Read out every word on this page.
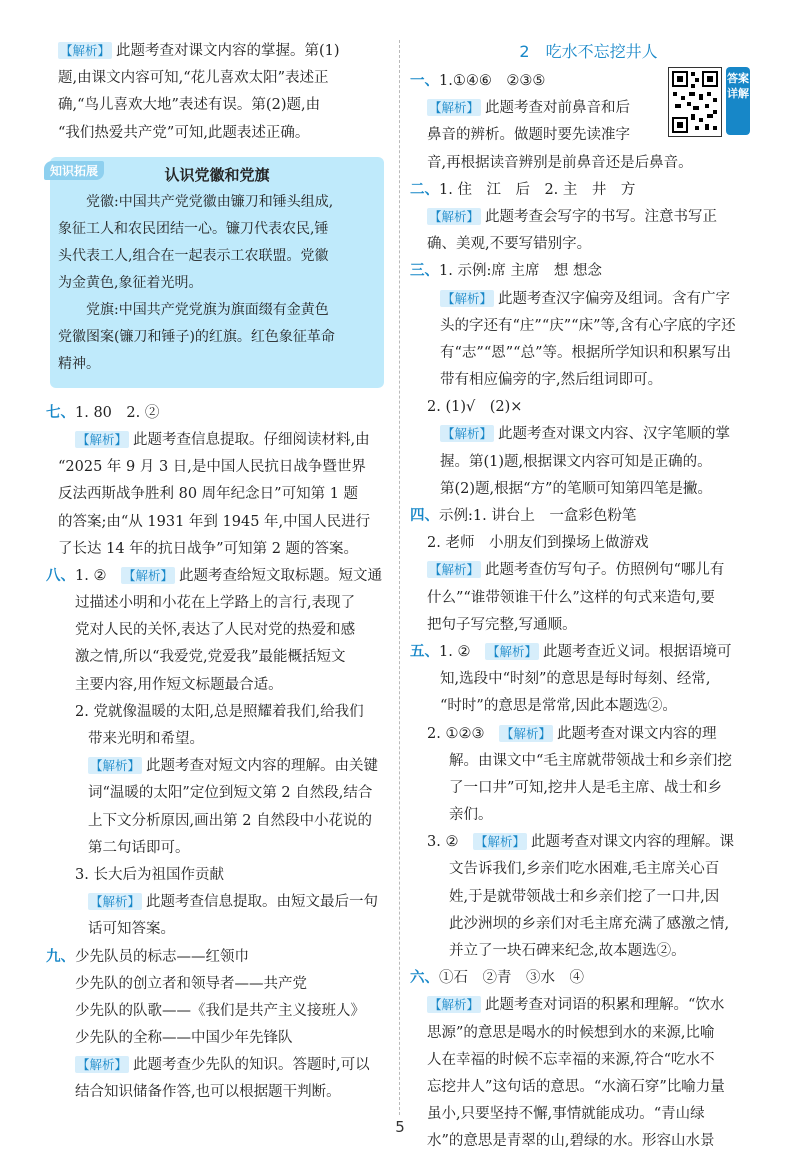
【解析】 此题考查对课文内容的掌握。第(1)
题,由课文内容可知,“花儿喜欢太阳”表述正
确,“鸟儿喜欢大地”表述有误。第(2)题,由
“我们热爱共产党”可知,此题表述正确。
知识拓展	认识党徽和党旗
党徽:中国共产党党徽由镰刀和锤头组成,
象征工人和农民团结一心。镰刀代表农民,锤
头代表工人,组合在一起表示工农联盟。党徽
为金黄色,象征着光明。
党旗:中国共产党党旗为旗面缀有金黄色
党徽图案(镰刀和锤子)的红旗。红色象征革命
精神。
七、1. 80　2. ②
【解析】 此题考查信息提取。仔细阅读材料,由
“2025 年 9 月 3 日,是中国人民抗日战争暨世界
反法西斯战争胜利 80 周年纪念日”可知第 1 题
的答案;由“从 1931 年到 1945 年,中国人民进行
了长达 14 年的抗日战争”可知第 2 题的答案。
八、1. ②　 【解析】 此题考查给短文取标题。短文通
过描述小明和小花在上学路上的言行,表现了
党对人民的关怀,表达了人民对党的热爱和感
激之情,所以“我爱党,党爱我”最能概括短文
主要内容,用作短文标题最合适。
2. 党就像温暖的太阳,总是照耀着我们,给我们
带来光明和希望。
【解析】 此题考查对短文内容的理解。由关键
词“温暖的太阳”定位到短文第 2 自然段,结合
上下文分析原因,画出第 2 自然段中小花说的
第二句话即可。
3. 长大后为祖国作贡献
【解析】 此题考查信息提取。由短文最后一句
话可知答案。
九、少先队员的标志——红领巾
少先队的创立者和领导者——共产党
少先队的队歌——《我们是共产主义接班人》
少先队的全称——中国少年先锋队
【解析】 此题考查少先队的知识。答题时,可以
结合知识储备作答,也可以根据题干判断。
2　吃水不忘挖井人
一、1.①④⑥　②③⑤
【解析】 此题考查对前鼻音和后
鼻音的辨析。做题时要先读准字
音,再根据读音辨别是前鼻音还是后鼻音。
二、1. 住　江　后　2. 主　井　方
【解析】 此题考查会写字的书写。注意书写正
确、美观,不要写错别字。
三、1. 示例:席 主席　想 想念
【解析】 此题考查汉字偏旁及组词。含有广字
头的字还有“庄”“庆”“床”等,含有心字底的字还
有“志”“恩”“总”等。根据所学知识和积累写出
带有相应偏旁的字,然后组词即可。
2. (1)√　(2)×
【解析】 此题考查对课文内容、汉字笔顺的掌
握。第(1)题,根据课文内容可知是正确的。
第(2)题,根据“方”的笔顺可知第四笔是撇。
四、示例:1. 讲台上　一盒彩色粉笔
2. 老师　小朋友们到操场上做游戏
【解析】 此题考查仿写句子。仿照例句“哪儿有
什么”“谁带领谁干什么”这样的句式来造句,要
把句子写完整,写通顺。
五、1. ②　 【解析】 此题考查近义词。根据语境可
知,选段中“时刻”的意思是每时每刻、经常,
“时时”的意思是常常,因此本题选②。
2. ①②③　 【解析】 此题考查对课文内容的理
解。由课文中“毛主席就带领战士和乡亲们挖
了一口井”可知,挖井人是毛主席、战士和乡
亲们。
3. ②　 【解析】 此题考查对课文内容的理解。课
文告诉我们,乡亲们吃水困难,毛主席关心百
姓,于是就带领战士和乡亲们挖了一口井,因
此沙洲坝的乡亲们对毛主席充满了感激之情,
并立了一块石碑来纪念,故本题选②。
六、①石　②青　③水　④
【解析】 此题考查对词语的积累和理解。“饮水
思源”的意思是喝水的时候想到水的来源,比喻
人在幸福的时候不忘幸福的来源,符合“吃水不
忘挖井人”这句话的意思。“水滴石穿”比喻力量
虽小,只要坚持不懈,事情就能成功。“青山绿
水”的意思是青翠的山,碧绿的水。形容山水景
答案详解
5
